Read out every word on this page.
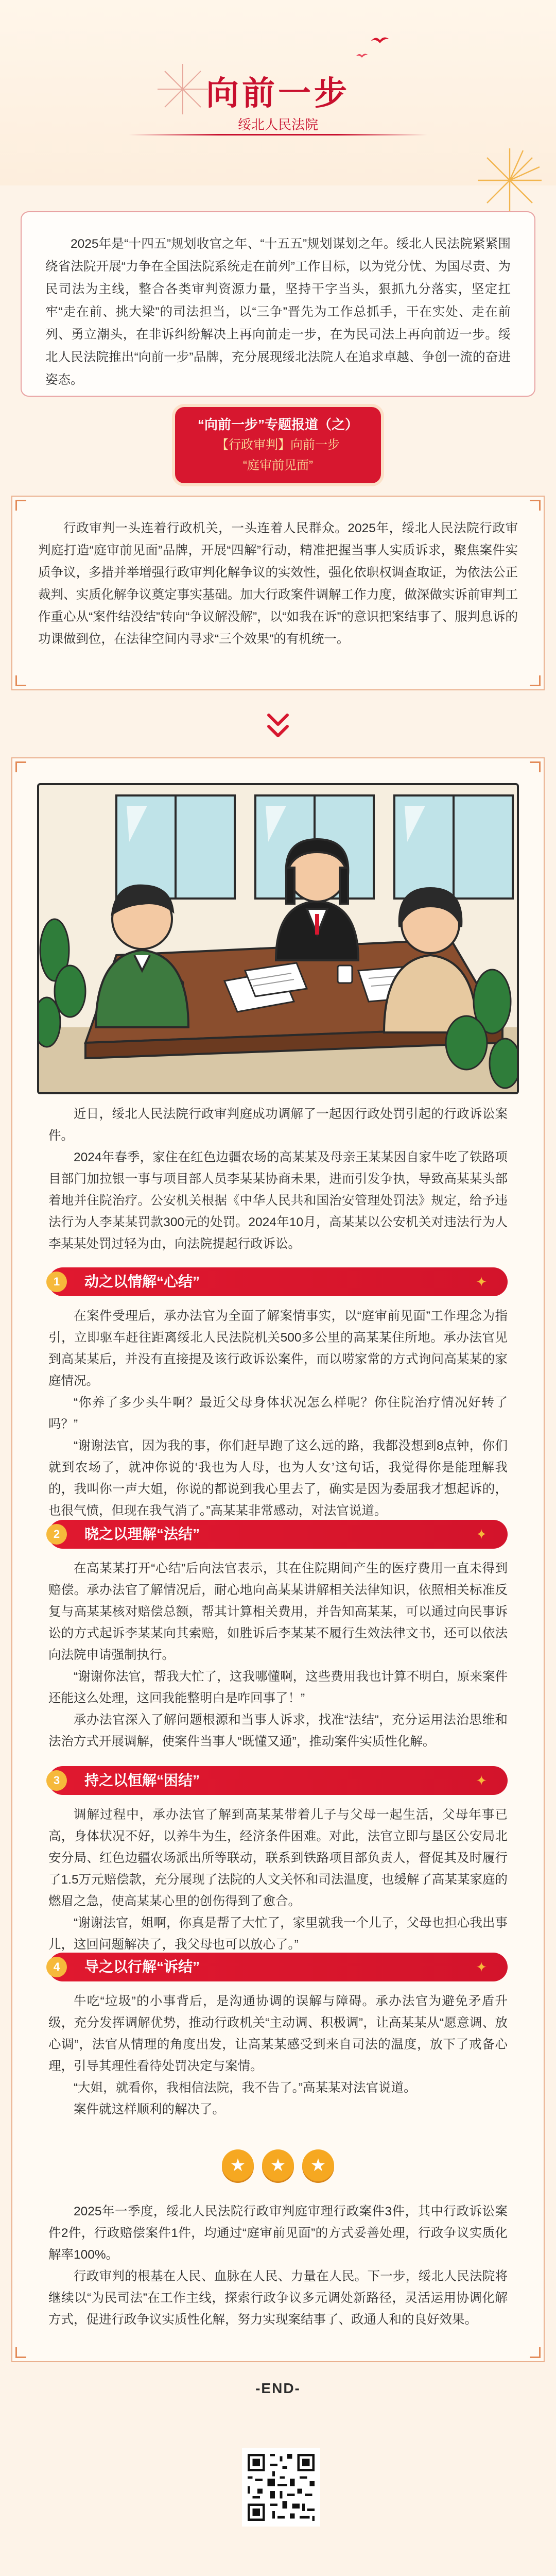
向前一步
绥北人民法院
2025年是“十四五”规划收官之年、“十五五”规划谋划之年。绥北人民法院紧紧围绕省法院开展“力争在全国法院系统走在前列”工作目标，以为党分忧、为国尽责、为民司法为主线，整合各类审判资源力量，坚持干字当头，狠抓九分落实，坚定扛牢“走在前、挑大梁”的司法担当，以“三争”晋先为工作总抓手，干在实处、走在前列、勇立潮头，在非诉纠纷解决上再向前走一步，在为民司法上再向前迈一步。绥北人民法院推出“向前一步”品牌，充分展现绥北法院人在追求卓越、争创一流的奋进姿态。
“向前一步”专题报道（之）
【行政审判】向前一步
“庭审前见面”
行政审判一头连着行政机关，一头连着人民群众。2025年，绥北人民法院行政审判庭打造“庭审前见面”品牌，开展“四解”行动，精准把握当事人实质诉求，聚焦案件实质争议，多措并举增强行政审判化解争议的实效性，强化依职权调查取证，为依法公正裁判、实质化解争议奠定事实基础。加大行政案件调解工作力度，做深做实诉前审判工作重心从“案件结没结”转向“争议解没解”，以“如我在诉”的意识把案结事了、服判息诉的功课做到位，在法律空间内寻求“三个效果”的有机统一。

近日，绥北人民法院行政审判庭成功调解了一起因行政处罚引起的行政诉讼案件。

2024年春季，家住在红色边疆农场的高某某及母亲王某某因自家牛吃了铁路项目部门加拉银一事与项目部人员李某某协商未果，进而引发争执，导致高某某头部着地并住院治疗。公安机关根据《中华人民共和国治安管理处罚法》规定，给予违法行为人李某某罚款300元的处罚。2024年10月，高某某以公安机关对违法行为人李某某处罚过轻为由，向法院提起行政诉讼。

1	动之以情解“心结”	✦

在案件受理后，承办法官为全面了解案情事实，以“庭审前见面”工作理念为指引，立即驱车赶往距离绥北人民法院机关500多公里的高某某住所地。承办法官见到高某某后，并没有直接提及该行政诉讼案件，而以唠家常的方式询问高某某的家庭情况。

“你养了多少头牛啊？最近父母身体状况怎么样呢？你住院治疗情况好转了吗？”

“谢谢法官，因为我的事，你们赶早跑了这么远的路，我都没想到8点钟，你们就到农场了，就冲你说的‘我也为人母，也为人女’这句话，我觉得你是能理解我的，我叫你一声大姐，你说的都说到我心里去了，确实是因为委屈我才想起诉的，也很气愤，但现在我气消了。”高某某非常感动，对法官说道。

2	晓之以理解“法结”	✦

在高某某打开“心结”后向法官表示，其在住院期间产生的医疗费用一直未得到赔偿。承办法官了解情况后，耐心地向高某某讲解相关法律知识，依照相关标准反复与高某某核对赔偿总额，帮其计算相关费用，并告知高某某，可以通过向民事诉讼的方式起诉李某某向其索赔，如胜诉后李某某不履行生效法律文书，还可以依法向法院申请强制执行。

“谢谢你法官，帮我大忙了，这我哪懂啊，这些费用我也计算不明白，原来案件还能这么处理，这回我能整明白是咋回事了！”

承办法官深入了解问题根源和当事人诉求，找准“法结”，充分运用法治思维和法治方式开展调解，使案件当事人“既懂又通”，推动案件实质性化解。

3	持之以恒解“困结”	✦

调解过程中，承办法官了解到高某某带着儿子与父母一起生活，父母年事已高，身体状况不好，以养牛为生，经济条件困难。对此，法官立即与垦区公安局北安分局、红色边疆农场派出所等联动，联系到铁路项目部负责人，督促其及时履行了1.5万元赔偿款，充分展现了法院的人文关怀和司法温度，也缓解了高某某家庭的燃眉之急，使高某某心里的创伤得到了愈合。

“谢谢法官，姐啊，你真是帮了大忙了，家里就我一个儿子，父母也担心我出事儿，这回问题解决了，我父母也可以放心了。”

4	导之以行解“诉结”	✦

牛吃“垃圾”的小事背后，是沟通协调的误解与障碍。承办法官为避免矛盾升级，充分发挥调解优势，推动行政机关“主动调、积极调”，让高某某从“愿意调、放心调”，法官从情理的角度出发，让高某某感受到来自司法的温度，放下了戒备心理，引导其理性看待处罚决定与案情。

“大姐，就看你，我相信法院，我不告了。”高某某对法官说道。

案件就这样顺利的解决了。

★ ★ ★

2025年一季度，绥北人民法院行政审判庭审理行政案件3件，其中行政诉讼案件2件，行政赔偿案件1件，均通过“庭审前见面”的方式妥善处理，行政争议实质化解率100%。

行政审判的根基在人民、血脉在人民、力量在人民。下一步，绥北人民法院将继续以“为民司法”在工作主线，探索行政争议多元调处新路径，灵活运用协调化解方式，促进行政争议实质性化解，努力实现案结事了、政通人和的良好效果。

-END-
